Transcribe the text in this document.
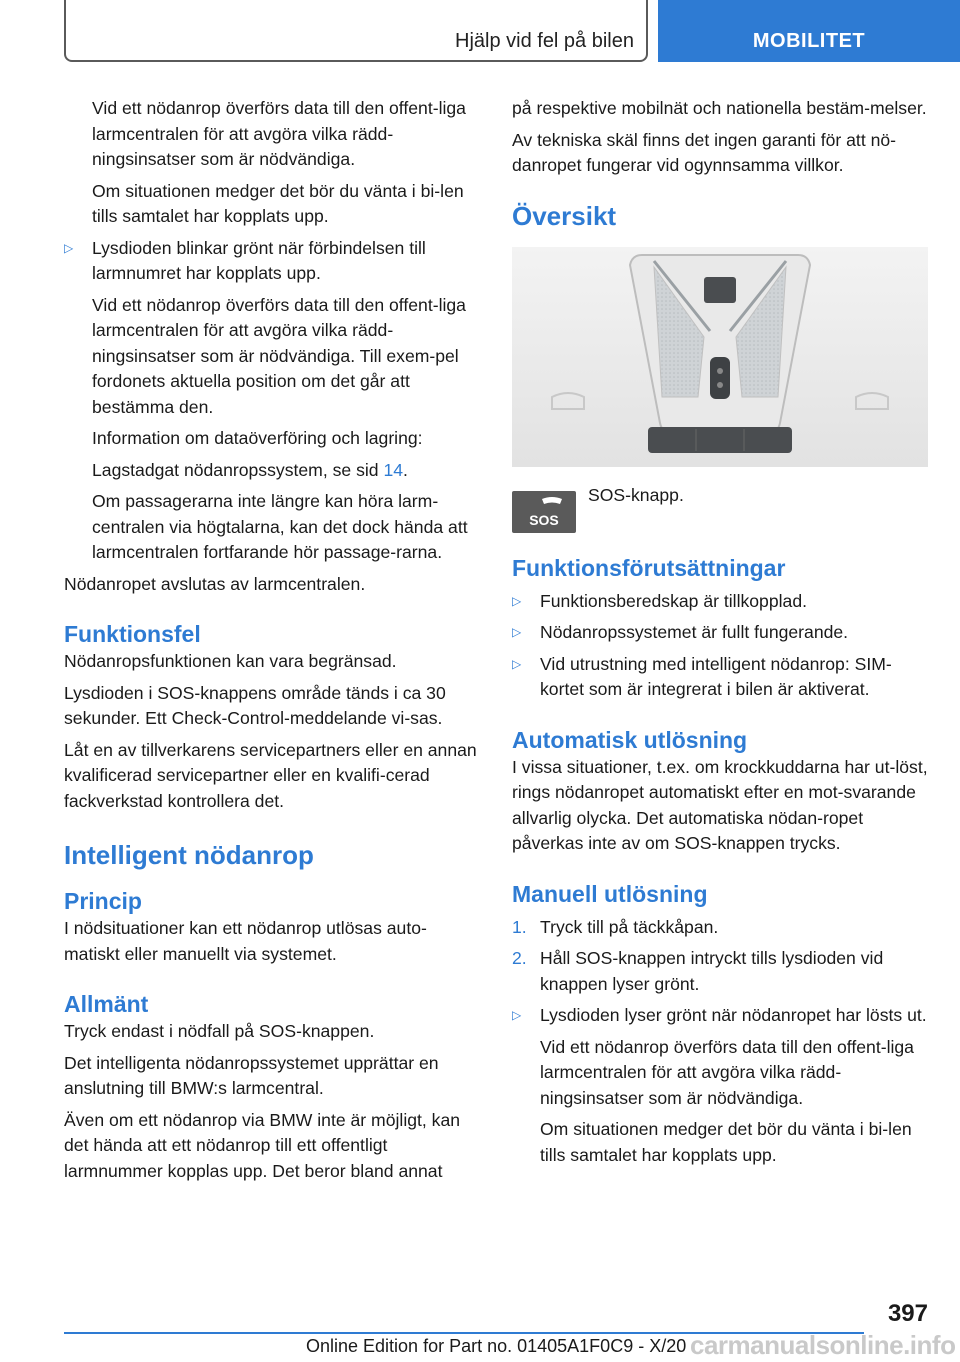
Hjälp vid fel på bilen	MOBILITET

Vid ett nödanrop överförs data till den offent-liga larmcentralen för att avgöra vilka rädd-ningsinsatser som är nödvändiga.

Om situationen medger det bör du vänta i bi-len tills samtalet har kopplats upp.

▷ Lysdioden blinkar grönt när förbindelsen till larmnumret har kopplats upp.

Vid ett nödanrop överförs data till den offent-liga larmcentralen för att avgöra vilka rädd-ningsinsatser som är nödvändiga. Till exem-pel fordonets aktuella position om det går att bestämma den.

Information om dataöverföring och lagring:

Lagstadgat nödanropssystem, se sid 14.

Om passagerarna inte längre kan höra larm-centralen via högtalarna, kan det dock hända att larmcentralen fortfarande hör passage-rarna.

Nödanropet avslutas av larmcentralen.

Funktionsfel

Nödanropsfunktionen kan vara begränsad.

Lysdioden i SOS-knappens område tänds i ca 30 sekunder. Ett Check-Control-meddelande vi-sas.

Låt en av tillverkarens servicepartners eller en annan kvalificerad servicepartner eller en kvalifi-cerad fackverkstad kontrollera det.

Intelligent nödanrop
Princip

I nödsituationer kan ett nödanrop utlösas auto-matiskt eller manuellt via systemet.

Allmänt

Tryck endast i nödfall på SOS-knappen.

Det intelligenta nödanropssystemet upprättar en anslutning till BMW:s larmcentral.

Även om ett nödanrop via BMW inte är möjligt, kan det hända att ett nödanrop till ett offentligt larmnummer kopplas upp. Det beror bland annat

på respektive mobilnät och nationella bestäm-melser.

Av tekniska skäl finns det ingen garanti för att nö-danropet fungerar vid ogynnsamma villkor.

Översikt
SOS
SOS-knapp.
Funktionsförutsättningar
▷ Funktionsberedskap är tillkopplad.
▷ Nödanropssystemet är fullt fungerande.
▷ Vid utrustning med intelligent nödanrop: SIM-kortet som är integrerat i bilen är aktiverat.
Automatisk utlösning

I vissa situationer, t.ex. om krockkuddarna har ut-löst, rings nödanropet automatiskt efter en mot-svarande allvarlig olycka. Det automatiska nödan-ropet påverkas inte av om SOS-knappen trycks.

Manuell utlösning
1. Tryck till på täckkåpan.
2. Håll SOS-knappen intryckt tills lysdioden vid knappen lyser grönt.
▷ Lysdioden lyser grönt när nödanropet har lösts ut.

Vid ett nödanrop överförs data till den offent-liga larmcentralen för att avgöra vilka rädd-ningsinsatser som är nödvändiga.

Om situationen medger det bör du vänta i bi-len tills samtalet har kopplats upp.

397
Online Edition for Part no. 01405A1F0C9 - X/20 carmanualsonline.info
